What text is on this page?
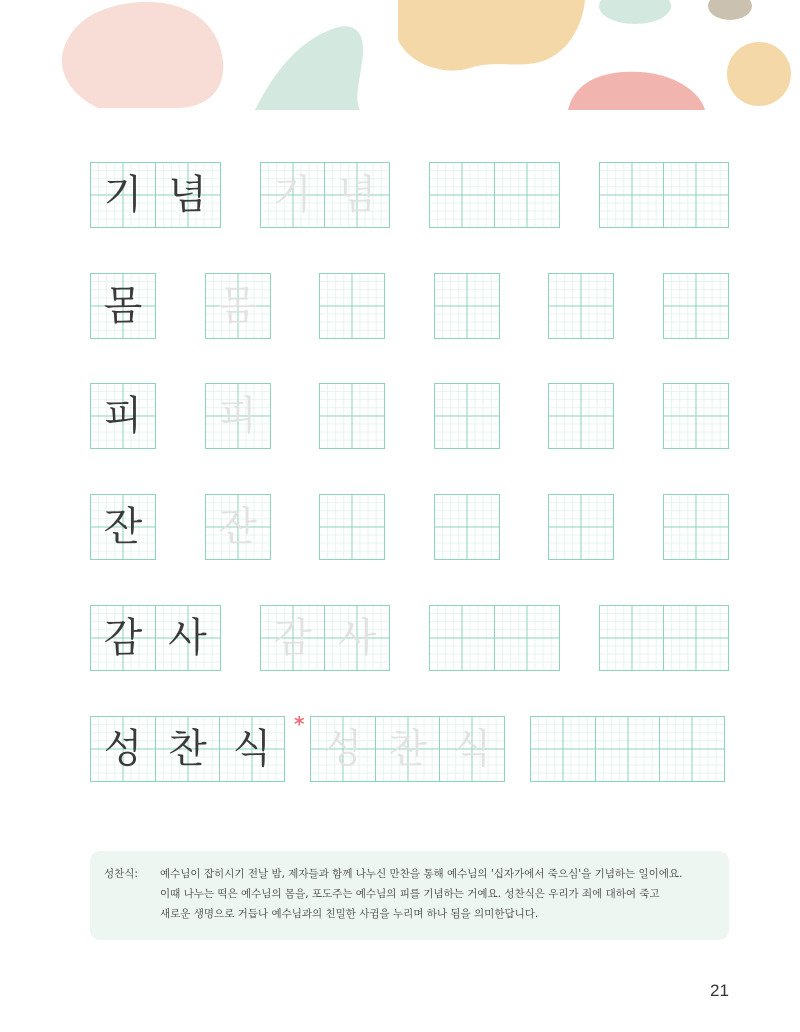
기 념 기 념
몸 몸
피 피
잔 잔
감 사 감 사
성 찬 식 성 찬 식
*
성찬식:	예수님이 잡히시기 전날 밤, 제자들과 함께 나누신 만찬을 통해 예수님의 '십자가에서 죽으심'을 기념하는 일이에요.
이때 나누는 떡은 예수님의 몸을, 포도주는 예수님의 피를 기념하는 거예요. 성찬식은 우리가 죄에 대하여 죽고
새로운 생명으로 거듭나 예수님과의 친밀한 사귐을 누리며 하나 됨을 의미한답니다.
21
